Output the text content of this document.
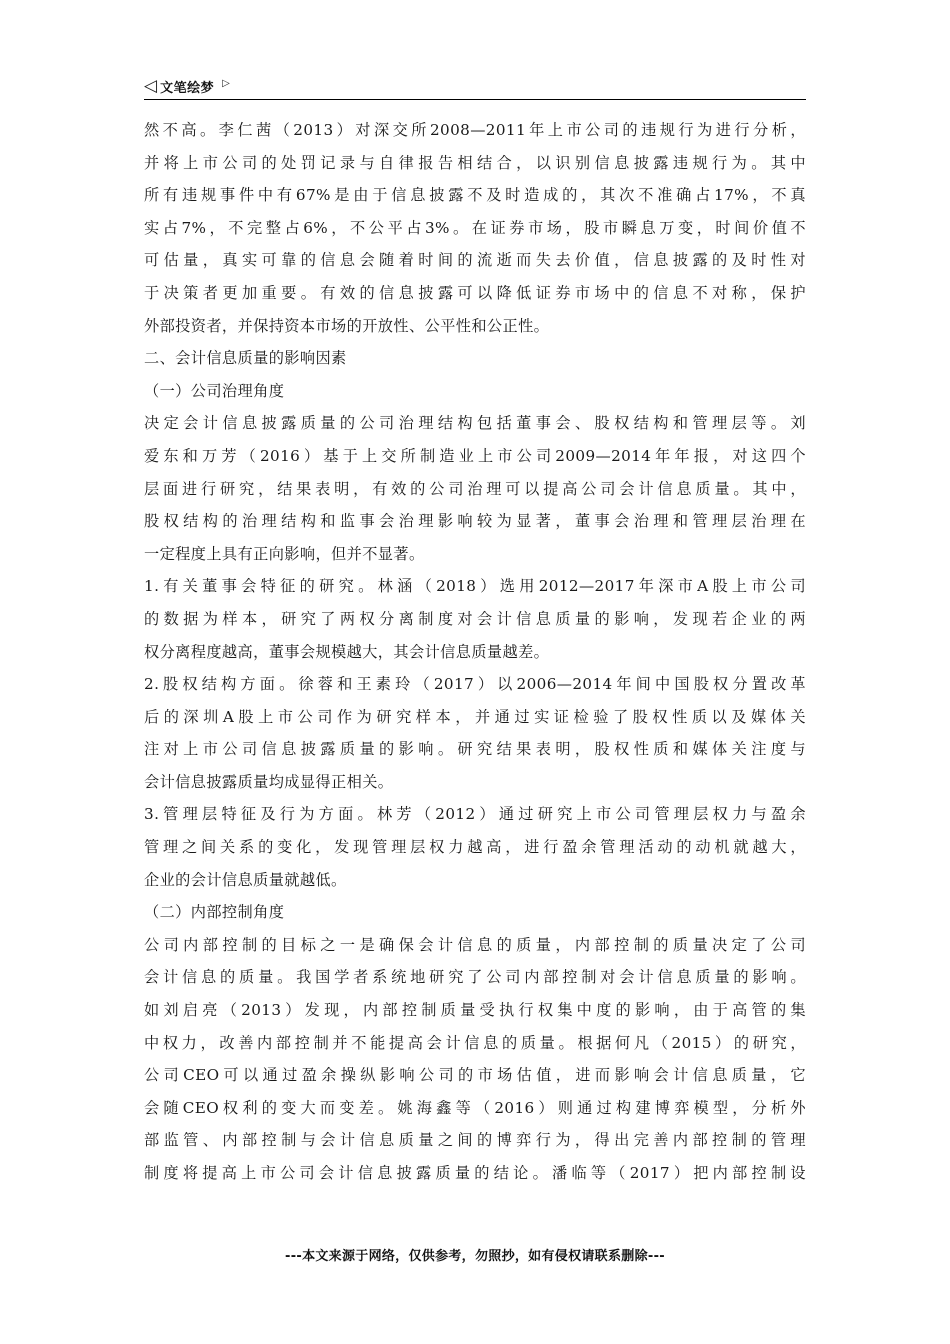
◁ 文笔绘梦 ▷
然不高。李仁茜（2013）对深交所2008—2011年上市公司的违规行为进行分析，
并将上市公司的处罚记录与自律报告相结合，以识别信息披露违规行为。其中
所有违规事件中有67%是由于信息披露不及时造成的，其次不准确占17%，不真
实占7%，不完整占6%，不公平占3%。在证券市场，股市瞬息万变，时间价值不
可估量，真实可靠的信息会随着时间的流逝而失去价值，信息披露的及时性对
于决策者更加重要。有效的信息披露可以降低证券市场中的信息不对称，保护
外部投资者，并保持资本市场的开放性、公平性和公正性。
二、会计信息质量的影响因素
（一）公司治理角度
决定会计信息披露质量的公司治理结构包括董事会、股权结构和管理层等。刘
爱东和万芳（2016）基于上交所制造业上市公司2009—2014年年报，对这四个
层面进行研究，结果表明，有效的公司治理可以提高公司会计信息质量。其中，
股权结构的治理结构和监事会治理影响较为显著，董事会治理和管理层治理在
一定程度上具有正向影响，但并不显著。
1.有关董事会特征的研究。林涵（2018）选用2012—2017年深市A股上市公司
的数据为样本，研究了两权分离制度对会计信息质量的影响，发现若企业的两
权分离程度越高，董事会规模越大，其会计信息质量越差。
2.股权结构方面。徐蓉和王素玲（2017）以2006—2014年间中国股权分置改革
后的深圳A股上市公司作为研究样本，并通过实证检验了股权性质以及媒体关
注对上市公司信息披露质量的影响。研究结果表明，股权性质和媒体关注度与
会计信息披露质量均成显得正相关。
3.管理层特征及行为方面。林芳（2012）通过研究上市公司管理层权力与盈余
管理之间关系的变化，发现管理层权力越高，进行盈余管理活动的动机就越大，
企业的会计信息质量就越低。
（二）内部控制角度
公司内部控制的目标之一是确保会计信息的质量，内部控制的质量决定了公司
会计信息的质量。我国学者系统地研究了公司内部控制对会计信息质量的影响。
如刘启亮（2013）发现，内部控制质量受执行权集中度的影响，由于高管的集
中权力，改善内部控制并不能提高会计信息的质量。根据何凡（2015）的研究，
公司CEO可以通过盈余操纵影响公司的市场估值，进而影响会计信息质量，它
会随CEO权利的变大而变差。姚海鑫等（2016）则通过构建博弈模型，分析外
部监管、内部控制与会计信息质量之间的博弈行为，得出完善内部控制的管理
制度将提高上市公司会计信息披露质量的结论。潘临等（2017）把内部控制设
---本文来源于网络，仅供参考，勿照抄，如有侵权请联系删除---
